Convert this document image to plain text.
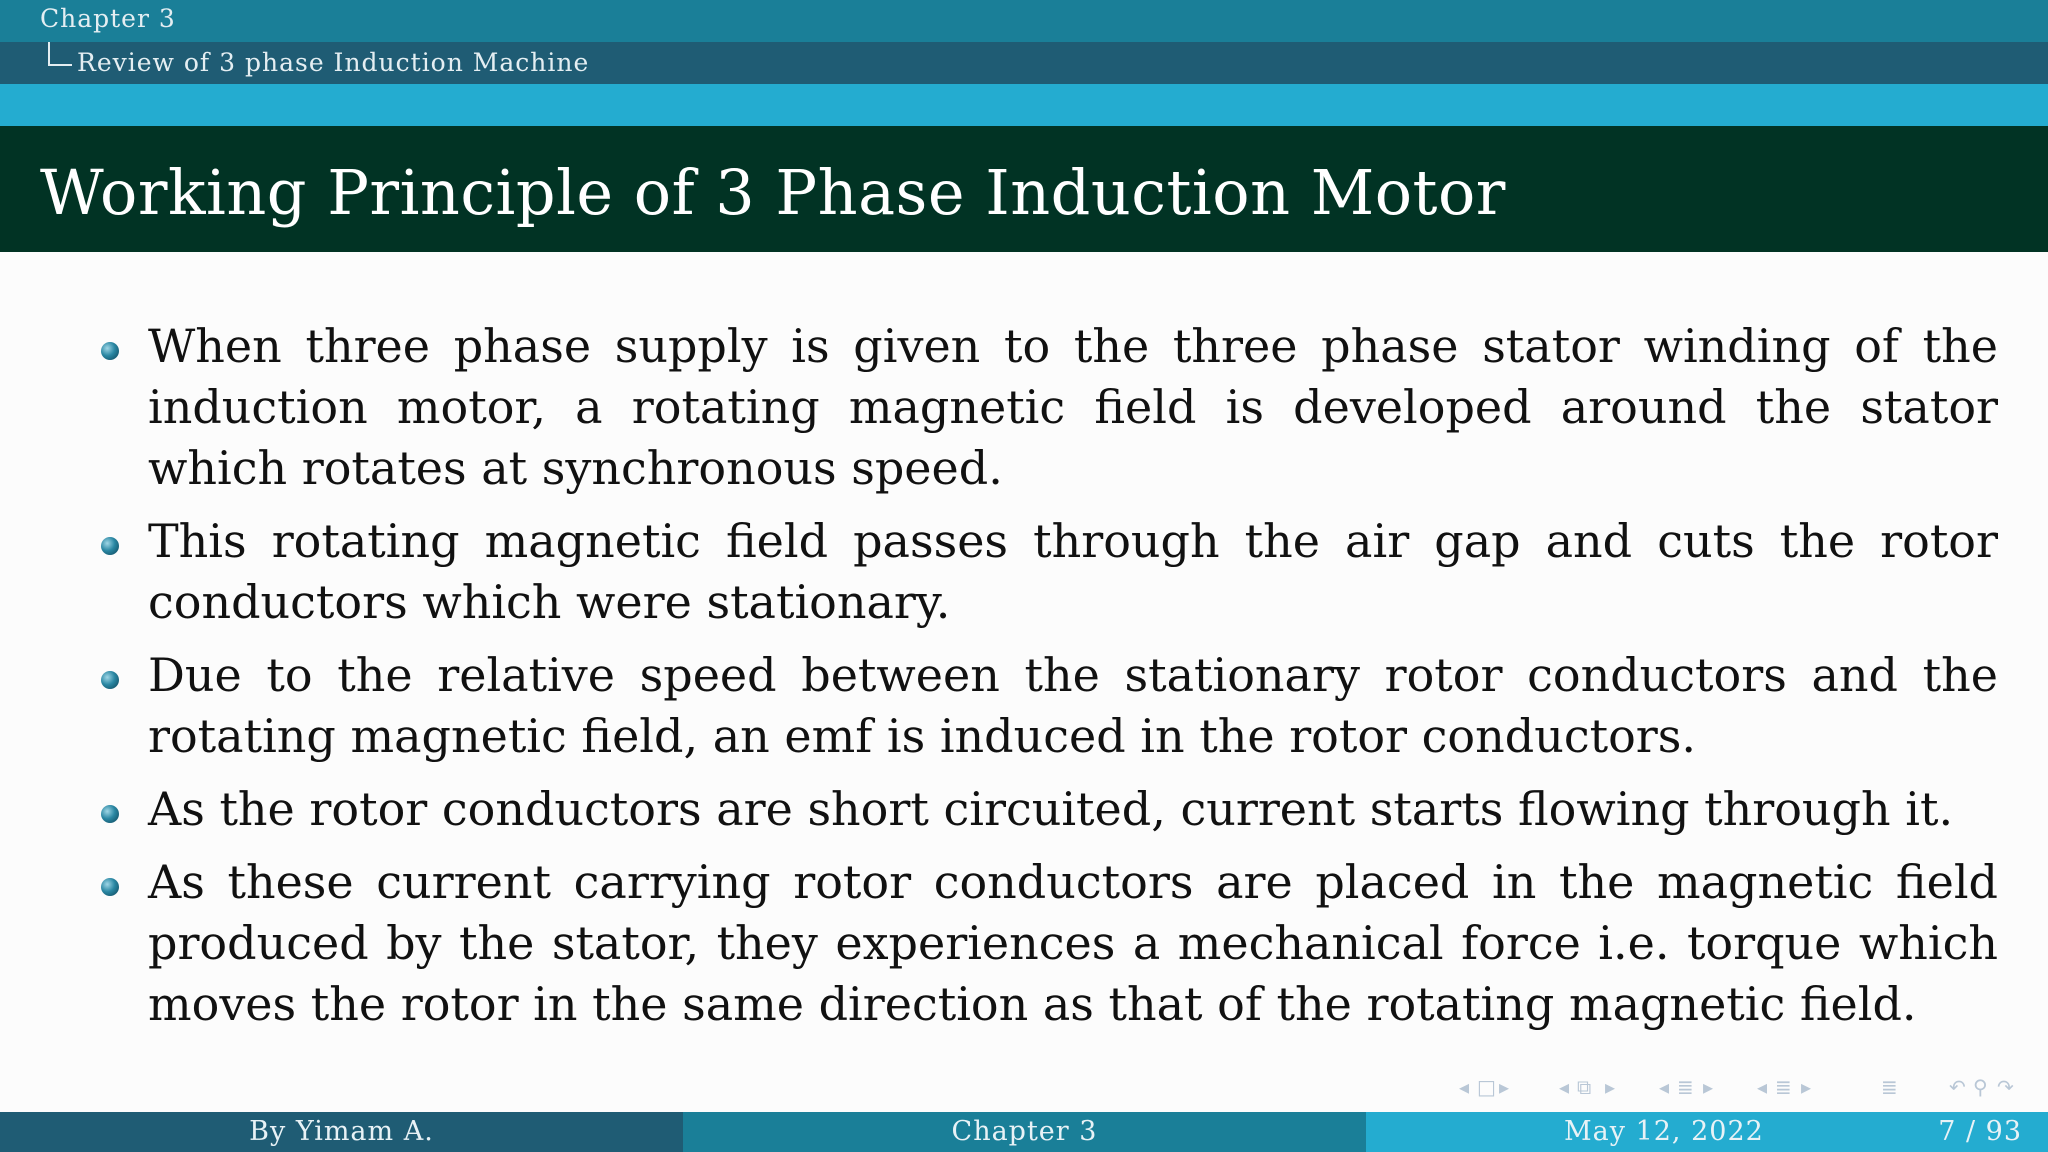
Chapter 3
Review of 3 phase Induction Machine
Working Principle of 3 Phase Induction Motor
When three phase supply is given to the three phase stator winding of the induction motor, a rotating magnetic field is developed around the stator which rotates at synchronous speed.
This rotating magnetic field passes through the air gap and cuts the rotor conductors which were stationary.
Due to the relative speed between the stationary rotor conductors and the rotating magnetic field, an emf is induced in the rotor conductors.
As the rotor conductors are short circuited, current starts flowing through it.
As these current carrying rotor conductors are placed in the magnetic field produced by the stator, they experiences a mechanical force i.e. torque which moves the rotor in the same direction as that of the rotating magnetic field.
◂ □ ▸ ◂ ⧉ ▸ ◂ ≣ ▸ ◂ ≣ ▸	≣	↶ ⚲ ↷
By Yimam A.	Chapter 3	May 12, 2022	7 / 93
